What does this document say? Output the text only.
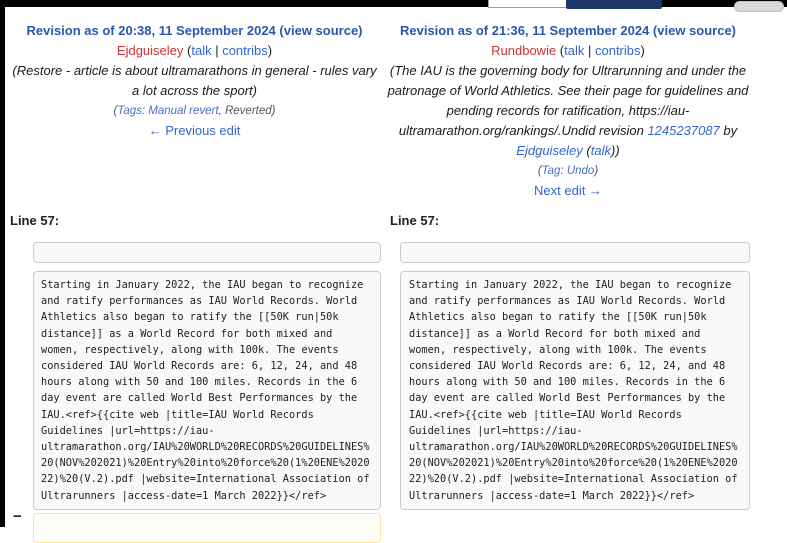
Revision as of 20:38, 11 September 2024 (view source)
Ejdguiseley (talk | contribs)
(Restore - article is about ultramarathons in general - rules vary a lot across the sport)
(Tags: Manual revert, Reverted)
← Previous edit
Revision as of 21:36, 11 September 2024 (view source)
Rundbowie (talk | contribs)
(The IAU is the governing body for Ultrarunning and under the patronage of World Athletics. See their page for guidelines and pending records for ratification, https://iau-ultramarathon.org/rankings/.Undid revision 1245237087 by Ejdguiseley (talk))
(Tag: Undo)
Next edit →
Line 57:	Line 57:
Starting in January 2022, the IAU began to recognize and ratify performances as IAU World Records. World Athletics also began to ratify the [[50K run|50k distance]] as a World Record for both mixed and women, respectively, along with 100k. The events considered IAU World Records are: 6, 12, 24, and 48 hours along with 50 and 100 miles. Records in the 6 day event are called World Best Performances by the IAU.<ref>{{cite web |title=IAU World Records Guidelines |url=https://iau-ultramarathon.org/IAU%20WORLD%20RECORDS%20GUIDELINES%20(NOV%202021)%20Entry%20into%20force%20(1%20ENE%202022)%20(V.2).pdf |website=International Association of Ultrarunners |access-date=1 March 2022}}</ref>
Starting in January 2022, the IAU began to recognize and ratify performances as IAU World Records. World Athletics also began to ratify the [[50K run|50k distance]] as a World Record for both mixed and women, respectively, along with 100k. The events considered IAU World Records are: 6, 12, 24, and 48 hours along with 50 and 100 miles. Records in the 6 day event are called World Best Performances by the IAU.<ref>{{cite web |title=IAU World Records Guidelines |url=https://iau-ultramarathon.org/IAU%20WORLD%20RECORDS%20GUIDELINES%20(NOV%202021)%20Entry%20into%20force%20(1%20ENE%202022)%20(V.2).pdf |website=International Association of Ultrarunners |access-date=1 March 2022}}</ref>
−
